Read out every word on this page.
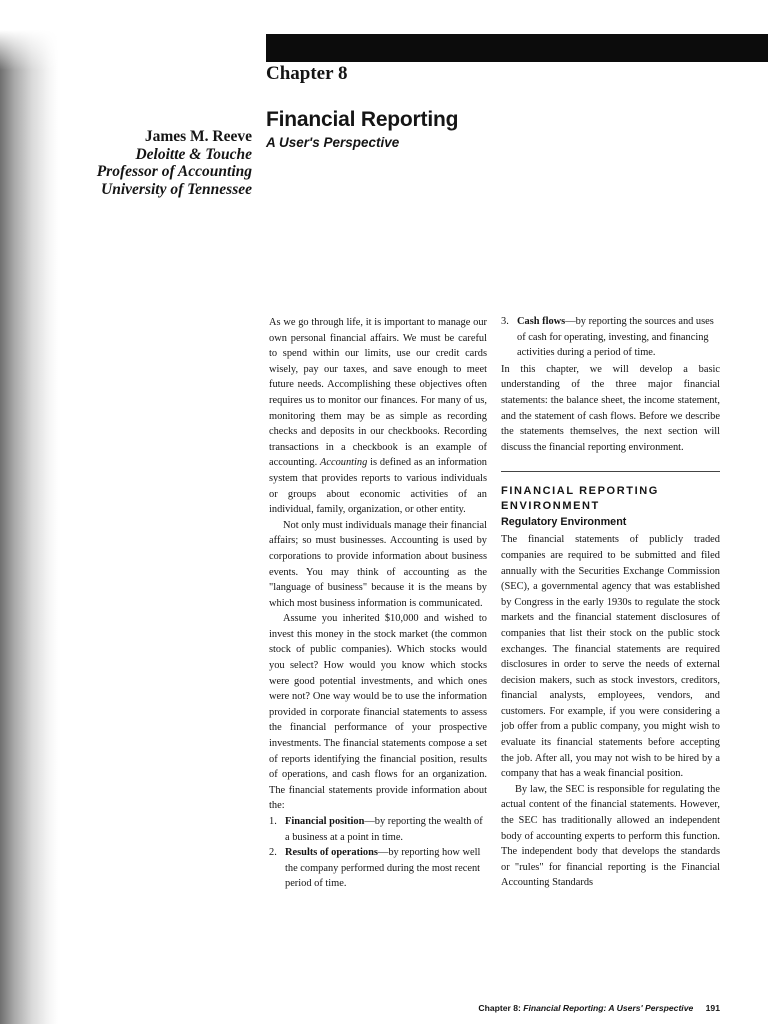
Chapter 8
Financial Reporting
A User's Perspective
James M. Reeve
Deloitte & Touche
Professor of Accounting
University of Tennessee

As we go through life, it is important to manage our own personal financial affairs. We must be careful to spend within our limits, use our credit cards wisely, pay our taxes, and save enough to meet future needs. Accomplishing these objectives often requires us to monitor our finances. For many of us, monitoring them may be as simple as recording checks and deposits in our checkbooks. Recording transactions in a checkbook is an example of accounting. Accounting is defined as an information system that provides reports to various individuals or groups about economic activities of an individual, family, organization, or other entity.

Not only must individuals manage their financial affairs; so must businesses. Accounting is used by corporations to provide information about business events. You may think of accounting as the "language of business" because it is the means by which most business information is communicated.

Assume you inherited $10,000 and wished to invest this money in the stock market (the common stock of public companies). Which stocks would you select? How would you know which stocks were good potential investments, and which ones were not? One way would be to use the information provided in corporate financial statements to assess the financial performance of your prospective investments. The financial statements compose a set of reports identifying the financial position, results of operations, and cash flows for an organization. The financial statements provide information about the:

1. Financial position—by reporting the wealth of a business at a point in time.
2. Results of operations—by reporting how well the company performed during the most recent period of time.
3. Cash flows—by reporting the sources and uses of cash for operating, investing, and financing activities during a period of time.

In this chapter, we will develop a basic understanding of the three major financial statements: the balance sheet, the income statement, and the statement of cash flows. Before we describe the statements themselves, the next section will discuss the financial reporting environment.

FINANCIAL REPORTING ENVIRONMENT
Regulatory Environment

The financial statements of publicly traded companies are required to be submitted and filed annually with the Securities Exchange Commission (SEC), a governmental agency that was established by Congress in the early 1930s to regulate the stock markets and the financial statement disclosures of companies that list their stock on the public stock exchanges. The financial statements are required disclosures in order to serve the needs of external decision makers, such as stock investors, creditors, financial analysts, employees, vendors, and customers. For example, if you were considering a job offer from a public company, you might wish to evaluate its financial statements before accepting the job. After all, you may not wish to be hired by a company that has a weak financial position.

By law, the SEC is responsible for regulating the actual content of the financial statements. However, the SEC has traditionally allowed an independent body of accounting experts to perform this function. The independent body that develops the standards or "rules" for financial reporting is the Financial Accounting Standards

Chapter 8: Financial Reporting: A Users' Perspective 191
